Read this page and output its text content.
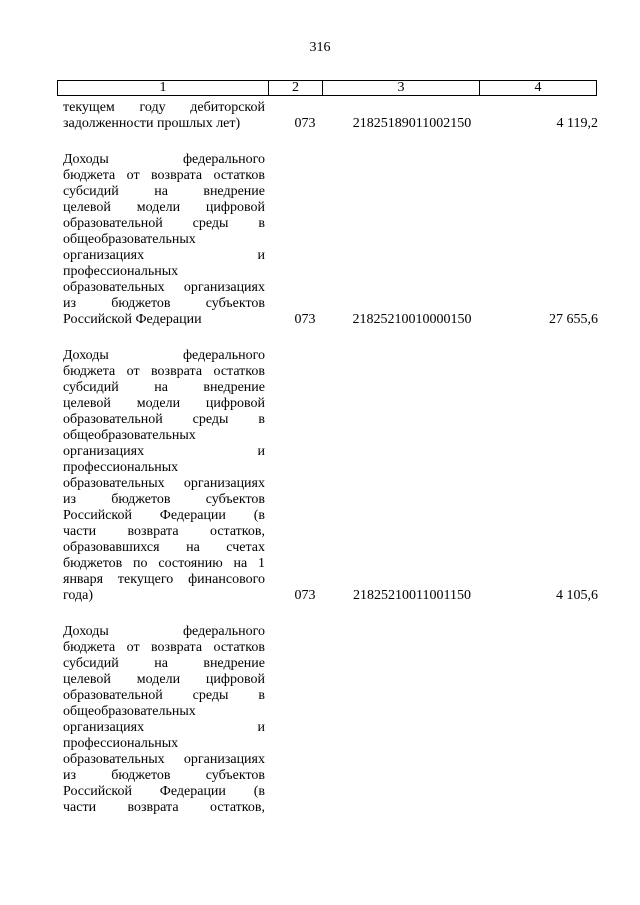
316
1	2	3	4
текущем году дебиторской
задолженности прошлых лет)	073	21825189011002150	4 119,2
Доходы федерального
бюджета от возврата остатков
субсидий на внедрение
целевой модели цифровой
образовательной среды в
общеобразовательных
организациях и
профессиональных
образовательных организациях
из бюджетов субъектов
Российской Федерации	073	21825210010000150	27 655,6
Доходы федерального
бюджета от возврата остатков
субсидий на внедрение
целевой модели цифровой
образовательной среды в
общеобразовательных
организациях и
профессиональных
образовательных организациях
из бюджетов субъектов
Российской Федерации (в
части возврата остатков,
образовавшихся на счетах
бюджетов по состоянию на 1
января текущего финансового
года)	073	21825210011001150	4 105,6
Доходы федерального
бюджета от возврата остатков
субсидий на внедрение
целевой модели цифровой
образовательной среды в
общеобразовательных
организациях и
профессиональных
образовательных организациях
из бюджетов субъектов
Российской Федерации (в
части возврата остатков,
